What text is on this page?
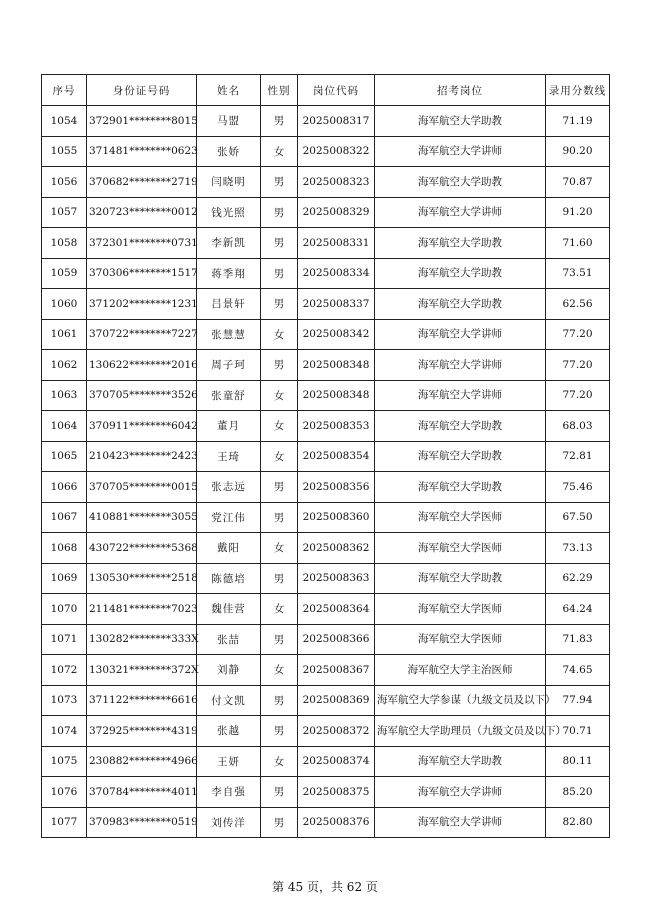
序号	身份证号码	姓名	性别	岗位代码	招考岗位	录用分数线
1054	372901********8015	马盟	男	2025008317	海军航空大学助教	71.19
1055	371481********0623	张娇	女	2025008322	海军航空大学讲师	90.20
1056	370682********2719	闫晓明	男	2025008323	海军航空大学助教	70.87
1057	320723********0012	钱光照	男	2025008329	海军航空大学讲师	91.20
1058	372301********0731	李新凯	男	2025008331	海军航空大学助教	71.60
1059	370306********1517	蒋季翔	男	2025008334	海军航空大学助教	73.51
1060	371202********1231	吕景轩	男	2025008337	海军航空大学助教	62.56
1061	370722********7227	张慧慧	女	2025008342	海军航空大学讲师	77.20
1062	130622********2016	周子珂	男	2025008348	海军航空大学讲师	77.20
1063	370705********3526	张童舒	女	2025008348	海军航空大学讲师	77.20
1064	370911********6042	董月	女	2025008353	海军航空大学助教	68.03
1065	210423********2423	王琦	女	2025008354	海军航空大学助教	72.81
1066	370705********0015	张志远	男	2025008356	海军航空大学助教	75.46
1067	410881********3055	党江伟	男	2025008360	海军航空大学医师	67.50
1068	430722********5368	戴阳	女	2025008362	海军航空大学医师	73.13
1069	130530********2518	陈德培	男	2025008363	海军航空大学助教	62.29
1070	211481********7023	魏佳营	女	2025008364	海军航空大学医师	64.24
1071	130282********333X	张喆	男	2025008366	海军航空大学医师	71.83
1072	130321********372X	刘静	女	2025008367	海军航空大学主治医师	74.65
1073	371122********6616	付文凯	男	2025008369	海军航空大学参谋（九级文员及以下）	77.94
1074	372925********4319	张越	男	2025008372	海军航空大学助理员（九级文员及以下）	70.71
1075	230882********4966	王妍	女	2025008374	海军航空大学助教	80.11
1076	370784********4011	李自强	男	2025008375	海军航空大学讲师	85.20
1077	370983********0519	刘传洋	男	2025008376	海军航空大学讲师	82.80
第 45 页，共 62 页
